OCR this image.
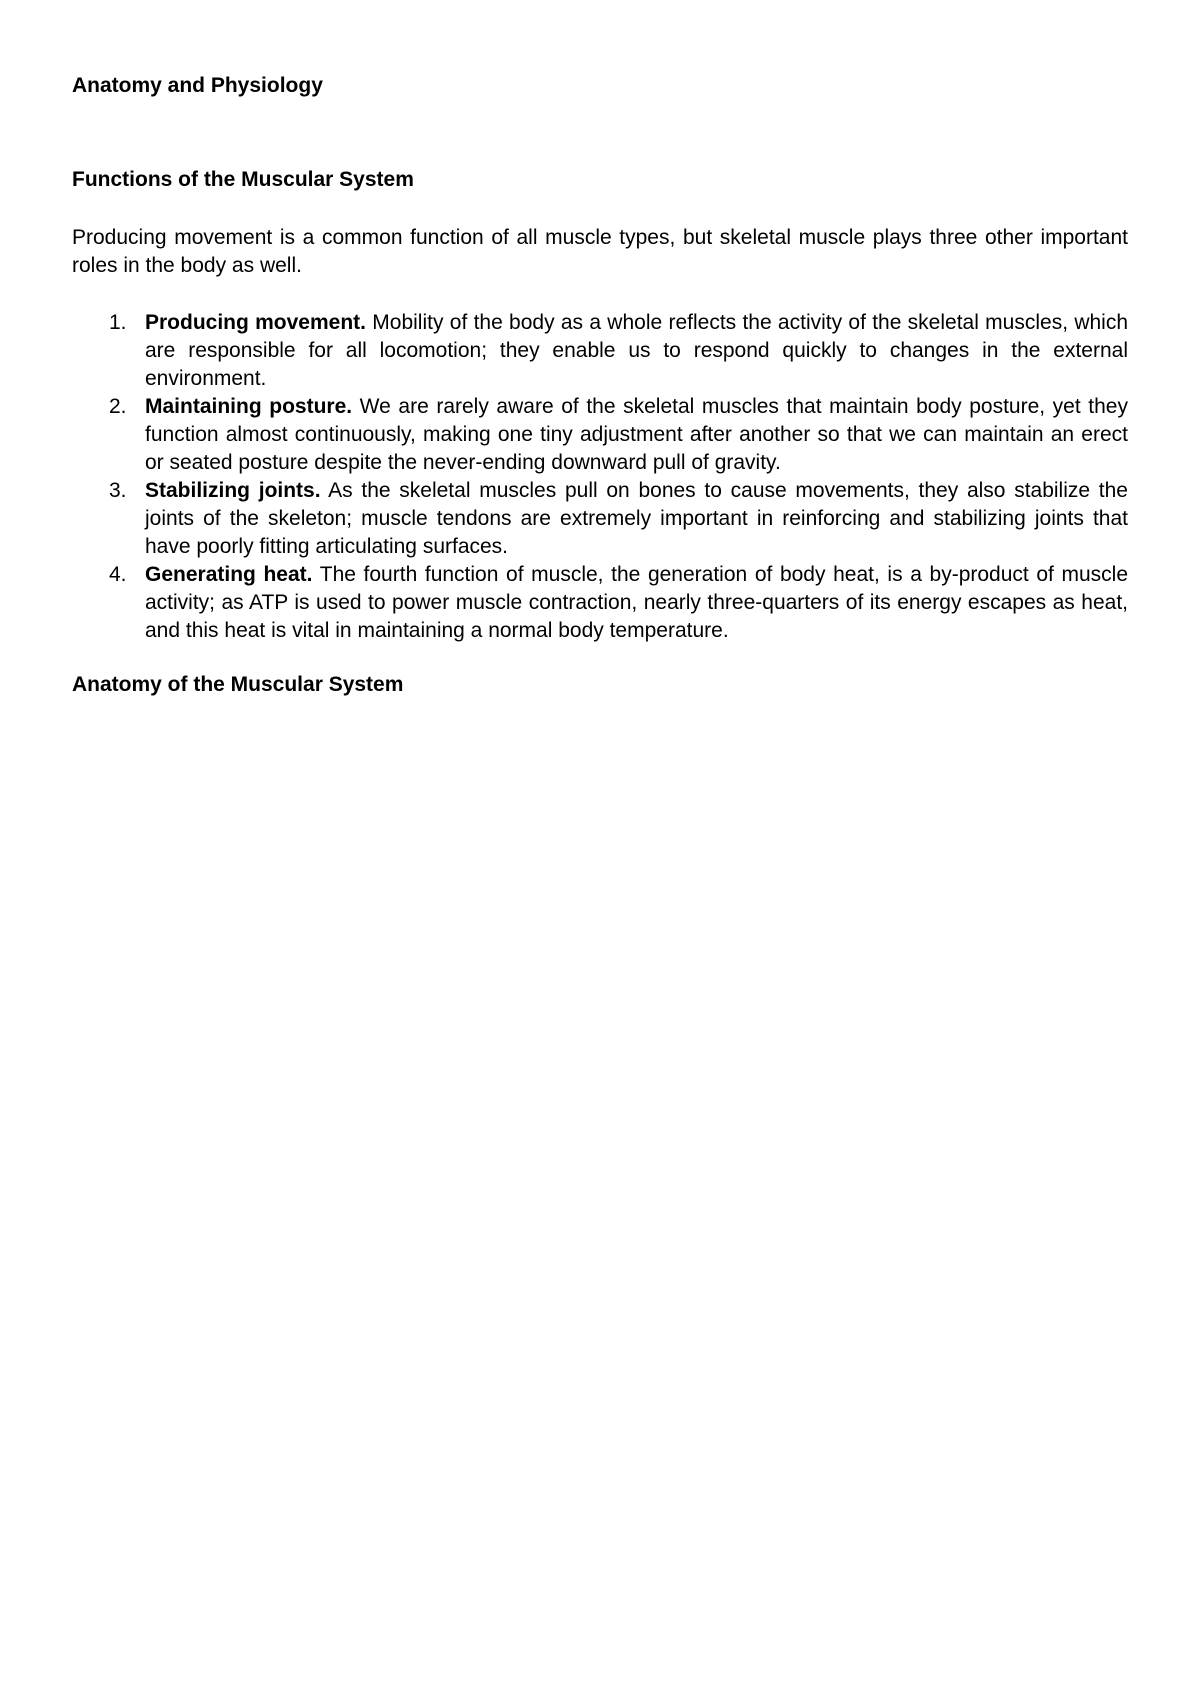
Anatomy and Physiology
Functions of the Muscular System

Producing movement is a common function of all muscle types, but skeletal muscle plays three other important roles in the body as well.

1. Producing movement. Mobility of the body as a whole reflects the activity of the skeletal muscles, which are responsible for all locomotion; they enable us to respond quickly to changes in the external environment.
2. Maintaining posture. We are rarely aware of the skeletal muscles that maintain body posture, yet they function almost continuously, making one tiny adjustment after another so that we can maintain an erect or seated posture despite the never-ending downward pull of gravity.
3. Stabilizing joints. As the skeletal muscles pull on bones to cause movements, they also stabilize the joints of the skeleton; muscle tendons are extremely important in reinforcing and stabilizing joints that have poorly fitting articulating surfaces.
4. Generating heat. The fourth function of muscle, the generation of body heat, is a by-product of muscle activity; as ATP is used to power muscle contraction, nearly three-quarters of its energy escapes as heat, and this heat is vital in maintaining a normal body temperature.
Anatomy of the Muscular System
